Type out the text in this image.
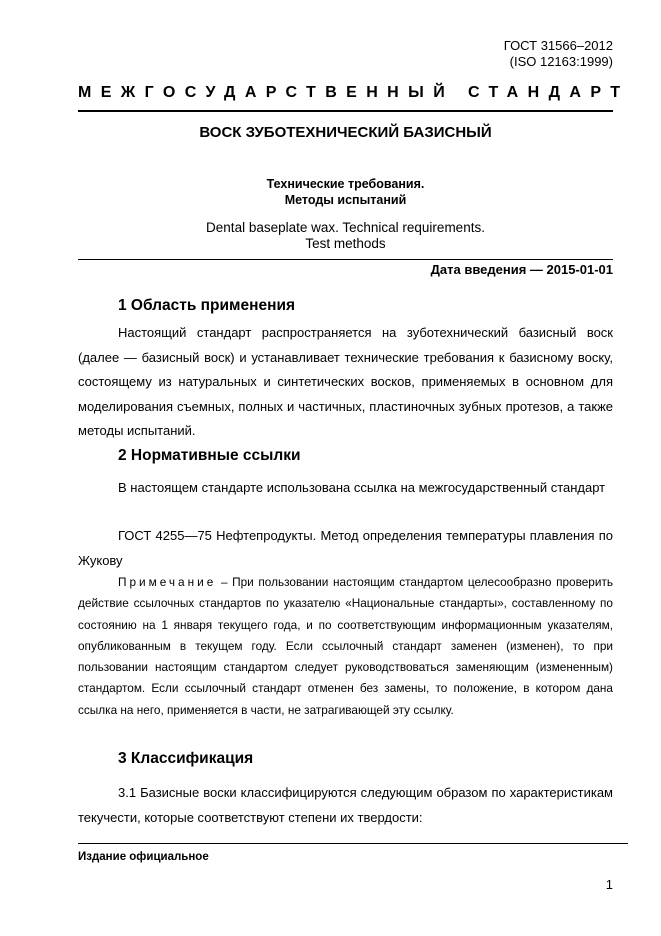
ГОСТ 31566–2012
(ISO 12163:1999)
МЕЖГОСУДАРСТВЕННЫЙ СТАНДАРТ
ВОСК ЗУБОТЕХНИЧЕСКИЙ БАЗИСНЫЙ
Технические требования.
Методы испытаний
Dental baseplate wax. Technical requirements.
Test methods
Дата введения — 2015-01-01
1 Область применения
Настоящий стандарт распространяется на зуботехнический базисный воск (далее — базисный воск) и устанавливает технические требования к базисному воску, состоящему из натуральных и синтетических восков, применяемых в основном для моделирования съемных, полных и частичных, пластиночных зубных протезов, а также методы испытаний.
2 Нормативные ссылки
В настоящем стандарте использована ссылка на межгосударственный стандарт
ГОСТ 4255—75 Нефтепродукты. Метод определения температуры плавления по Жукову
Примечание – При пользовании настоящим стандартом целесообразно проверить действие ссылочных стандартов по указателю «Национальные стандарты», составленному по состоянию на 1 января текущего года, и по соответствующим информационным указателям, опубликованным в текущем году. Если ссылочный стандарт заменен (изменен), то при пользовании настоящим стандартом следует руководствоваться заменяющим (измененным) стандартом. Если ссылочный стандарт отменен без замены, то положение, в котором дана ссылка на него, применяется в части, не затрагивающей эту ссылку.
3 Классификация
3.1 Базисные воски классифицируются следующим образом по характеристикам текучести, которые соответствуют степени их твердости:
Издание официальное
1
